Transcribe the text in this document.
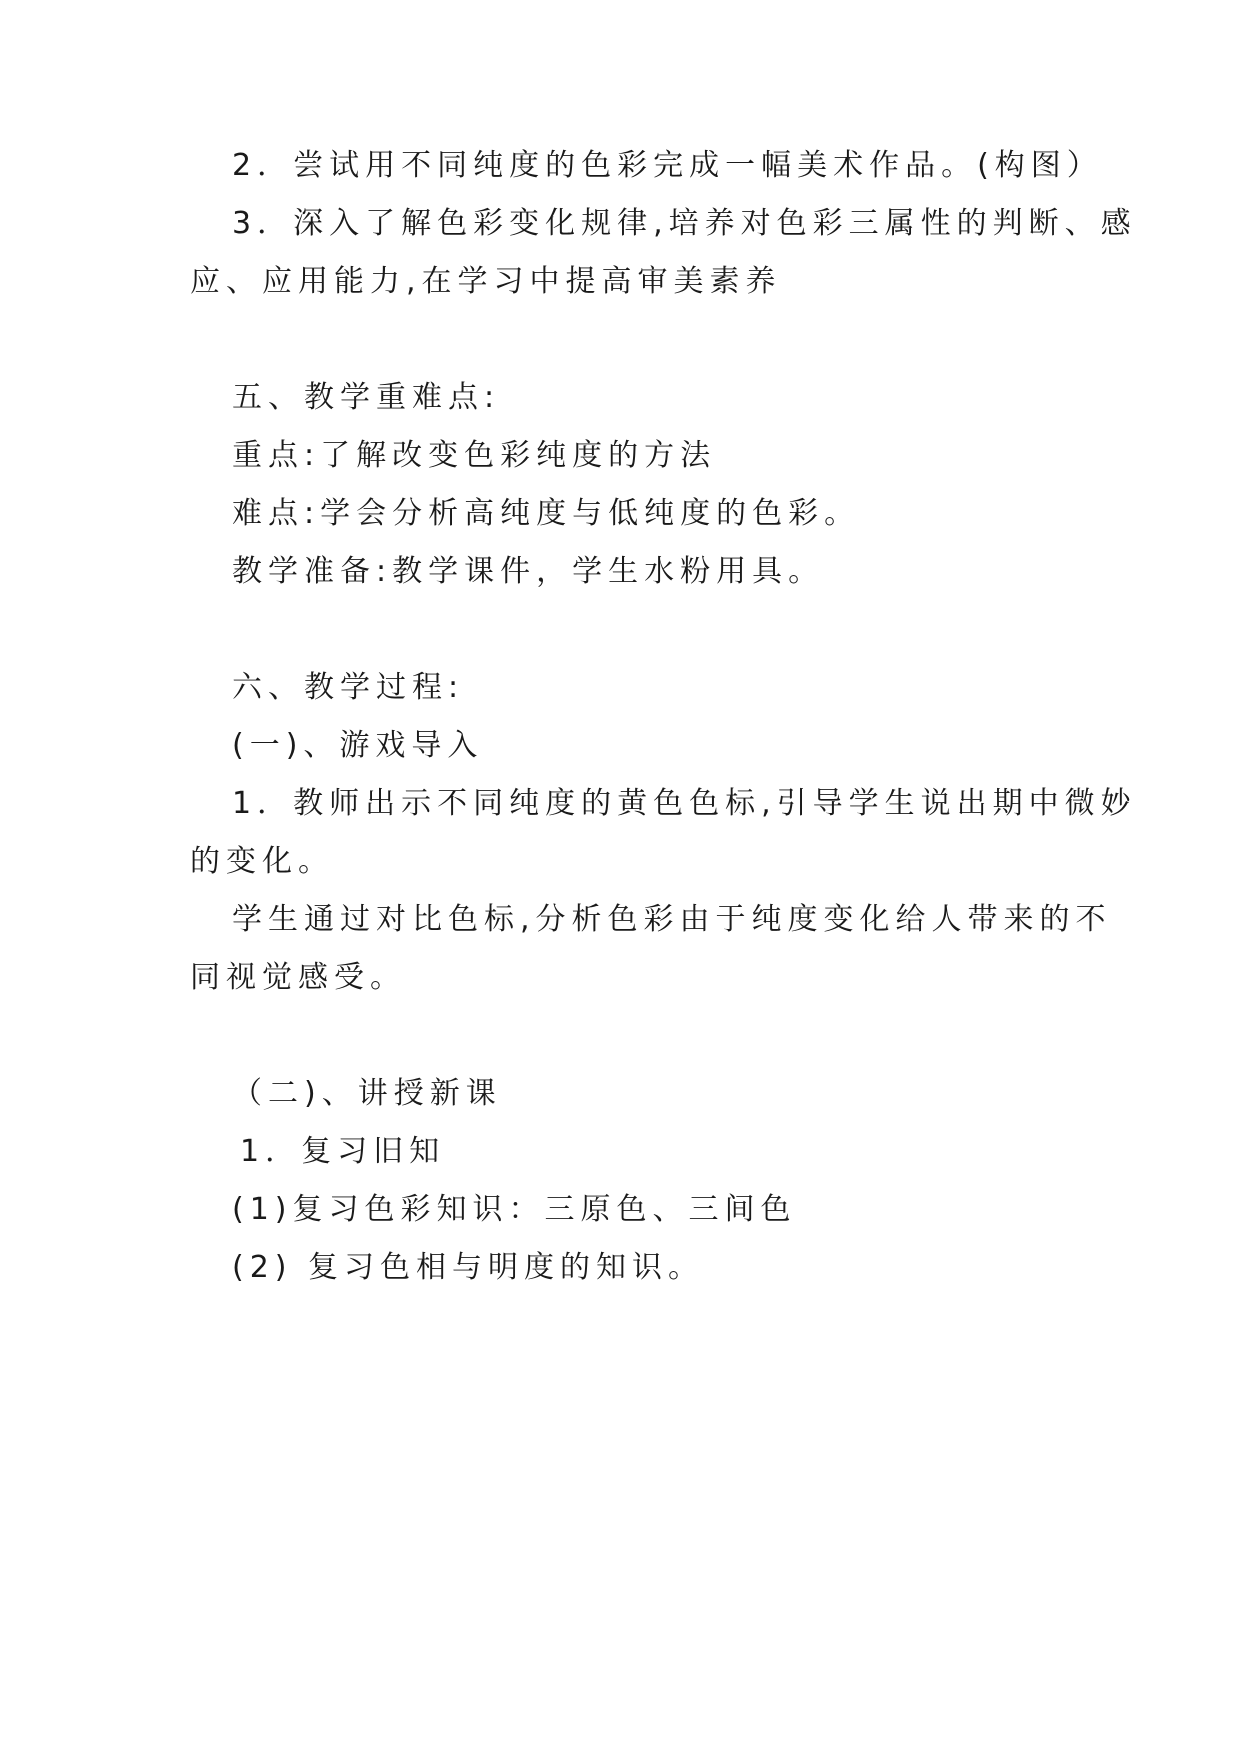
2．尝试用不同纯度的色彩完成一幅美术作品。(构图）
3．深入了解色彩变化规律,培养对色彩三属性的判断、感
应、应用能力,在学习中提高审美素养
五、教学重难点:
重点:了解改变色彩纯度的方法
难点:学会分析高纯度与低纯度的色彩。
教学准备:教学课件，学生水粉用具。
六、教学过程:
(一)、游戏导入
1．教师出示不同纯度的黄色色标,引导学生说出期中微妙
的变化。
学生通过对比色标,分析色彩由于纯度变化给人带来的不
同视觉感受。
（二)、讲授新课
1．复习旧知
(1)复习色彩知识：三原色、三间色
(2) 复习色相与明度的知识。
